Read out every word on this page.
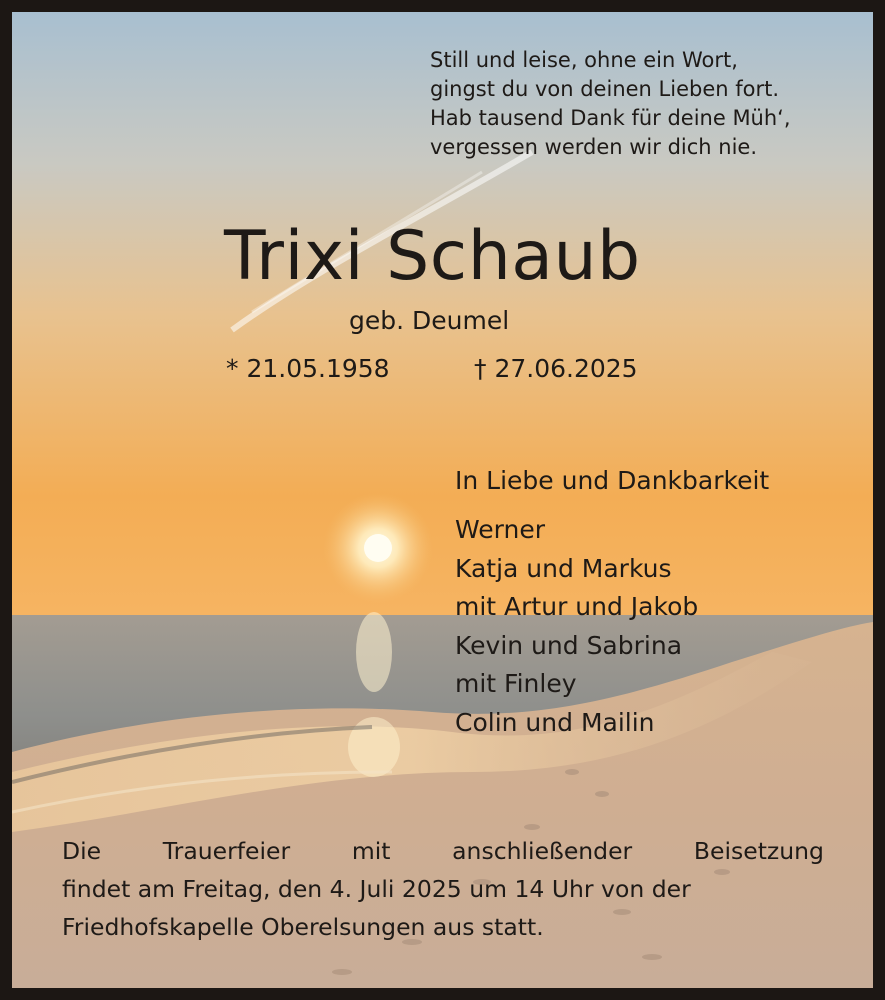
Still und leise, ohne ein Wort,
gingst du von deinen Lieben fort.
Hab tausend Dank für deine Müh‘,
vergessen werden wir dich nie.
Trixi Schaub
geb. Deumel
* 21.05.1958	† 27.06.2025
In Liebe und Dankbarkeit
Werner
Katja und Markus
mit Artur und Jakob
Kevin und Sabrina
mit Finley
Colin und Mailin
Die	Trauerfeier	mit	anschließender	Beisetzung
findet am Freitag, den 4. Juli 2025 um 14 Uhr von der
Friedhofskapelle Oberelsungen aus statt.
